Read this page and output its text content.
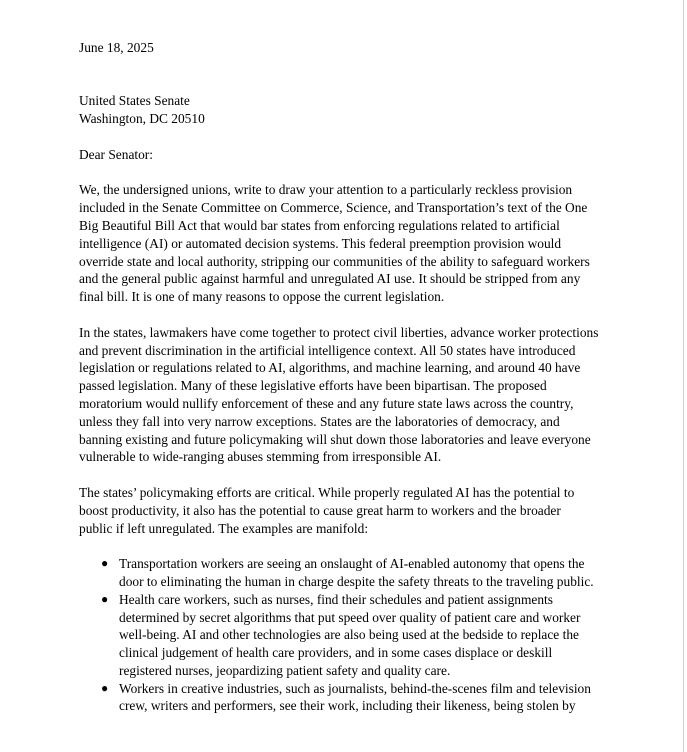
June 18, 2025
United States Senate
Washington, DC 20510
Dear Senator:
We, the undersigned unions, write to draw your attention to a particularly reckless provision
included in the Senate Committee on Commerce, Science, and Transportation’s text of the One
Big Beautiful Bill Act that would bar states from enforcing regulations related to artificial
intelligence (AI) or automated decision systems. This federal preemption provision would
override state and local authority, stripping our communities of the ability to safeguard workers
and the general public against harmful and unregulated AI use. It should be stripped from any
final bill. It is one of many reasons to oppose the current legislation.
In the states, lawmakers have come together to protect civil liberties, advance worker protections
and prevent discrimination in the artificial intelligence context. All 50 states have introduced
legislation or regulations related to AI, algorithms, and machine learning, and around 40 have
passed legislation. Many of these legislative efforts have been bipartisan. The proposed
moratorium would nullify enforcement of these and any future state laws across the country,
unless they fall into very narrow exceptions. States are the laboratories of democracy, and
banning existing and future policymaking will shut down those laboratories and leave everyone
vulnerable to wide-ranging abuses stemming from irresponsible AI.
The states’ policymaking efforts are critical. While properly regulated AI has the potential to
boost productivity, it also has the potential to cause great harm to workers and the broader
public if left unregulated. The examples are manifold:
● Transportation workers are seeing an onslaught of AI-enabled autonomy that opens the
door to eliminating the human in charge despite the safety threats to the traveling public.
● Health care workers, such as nurses, find their schedules and patient assignments
determined by secret algorithms that put speed over quality of patient care and worker
well-being. AI and other technologies are also being used at the bedside to replace the
clinical judgement of health care providers, and in some cases displace or deskill
registered nurses, jeopardizing patient safety and quality care.
● Workers in creative industries, such as journalists, behind-the-scenes film and television
crew, writers and performers, see their work, including their likeness, being stolen by
